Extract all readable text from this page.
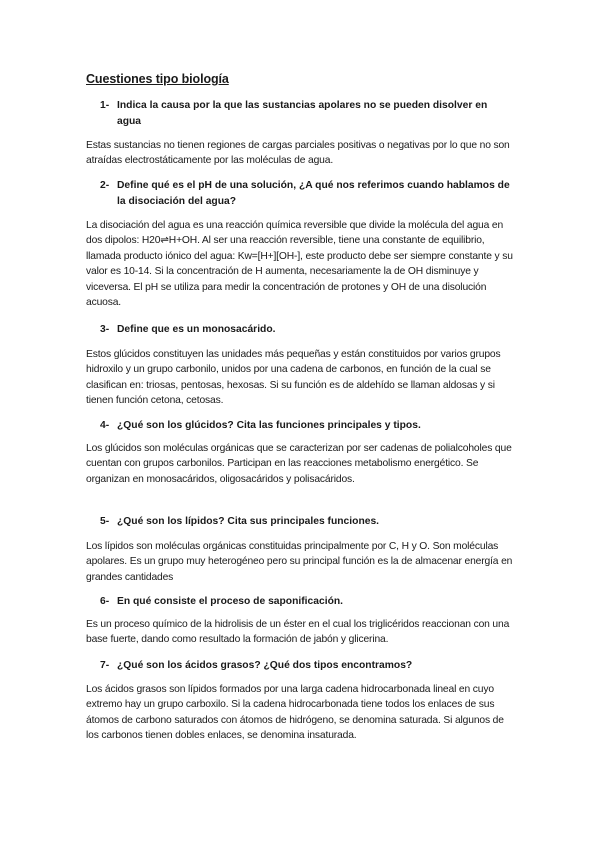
Cuestiones tipo biología
1- Indica la causa por la que las sustancias apolares no se pueden disolver en agua
Estas sustancias no tienen regiones de cargas parciales positivas o negativas por lo que no son atraídas electrostáticamente por las moléculas de agua.
2- Define qué es el pH de una solución, ¿A qué nos referimos cuando hablamos de la disociación del agua?
La disociación del agua es una reacción química reversible que divide la molécula del agua en dos dipolos: H20⇌H+OH. Al ser una reacción reversible, tiene una constante de equilibrio, llamada producto iónico del agua: Kw=[H+][OH-], este producto debe ser siempre constante y su valor es 10-14. Si la concentración de H aumenta, necesariamente la de OH disminuye y viceversa. El pH se utiliza para medir la concentración de protones y OH de una disolución acuosa.
3- Define que es un monosacárido.
Estos glúcidos constituyen las unidades más pequeñas y están constituidos por varios grupos hidroxilo y un grupo carbonilo, unidos por una cadena de carbonos, en función de la cual se clasifican en: triosas, pentosas, hexosas. Si su función es de aldehído se llaman aldosas y si tienen función cetona, cetosas.
4- ¿Qué son los glúcidos? Cita las funciones principales y tipos.
Los glúcidos son moléculas orgánicas que se caracterizan por ser cadenas de polialcoholes que cuentan con grupos carbonilos. Participan en las reacciones metabolismo energético. Se organizan en monosacáridos, oligosacáridos y polisacáridos.
5- ¿Qué son los lípidos? Cita sus principales funciones.
Los lípidos son moléculas orgánicas constituidas principalmente por C, H y O. Son moléculas apolares. Es un grupo muy heterogéneo pero su principal función es la de almacenar energía en grandes cantidades
6- En qué consiste el proceso de saponificación.
Es un proceso químico de la hidrolisis de un éster en el cual los triglicéridos reaccionan con una base fuerte, dando como resultado la formación de jabón y glicerina.
7- ¿Qué son los ácidos grasos? ¿Qué dos tipos encontramos?
Los ácidos grasos son lípidos formados por una larga cadena hidrocarbonada lineal en cuyo extremo hay un grupo carboxilo. Si la cadena hidrocarbonada tiene todos los enlaces de sus átomos de carbono saturados con átomos de hidrógeno, se denomina saturada. Si algunos de los carbonos tienen dobles enlaces, se denomina insaturada.
